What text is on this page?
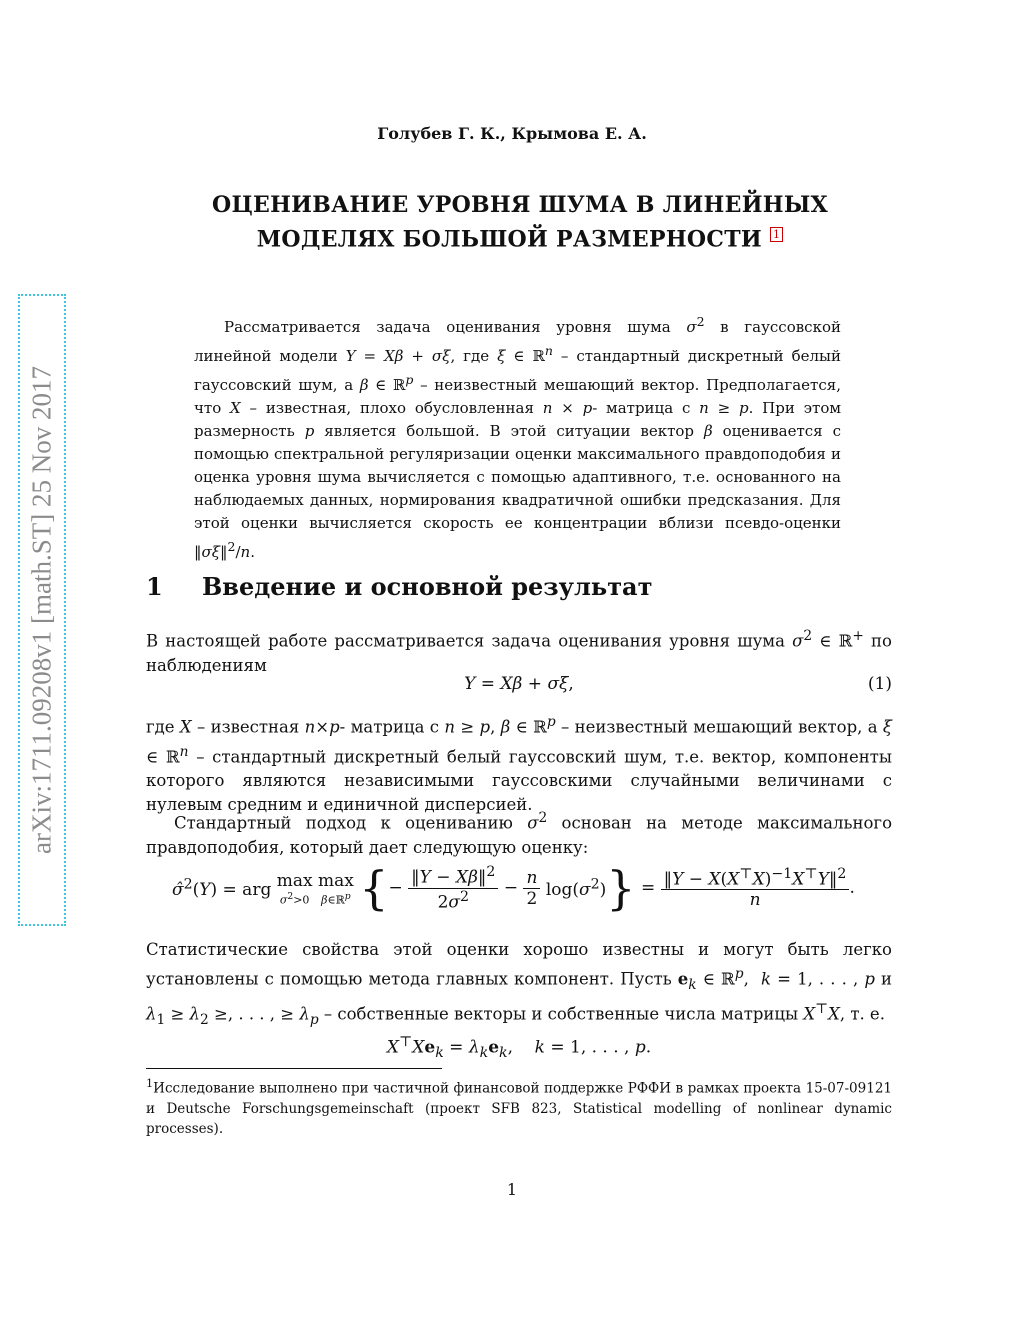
arXiv:1711.09208v1 [math.ST] 25 Nov 2017
Голубев Г. К., Крымова Е. А.
ОЦЕНИВАНИЕ УРОВНЯ ШУМА В ЛИНЕЙНЫХ
МОДЕЛЯХ БОЛЬШОЙ РАЗМЕРНОСТИ $^1$

Рассматривается задача оценивания уровня шума $\sigma^2$ в гауссовской линейной модели Y = Xβ + σξ, где ξ ∈ ℝ$^n$ – стандартный дискретный белый гауссовский шум, а β ∈ ℝ$^p$ – неизвестный мешающий вектор. Предполагается, что X – известная, плохо обусловленная n × p- матрица с n ≥ p. При этом размерность p является большой. В этой ситуации вектор β оценивается с помощью спектральной регуляризации оценки максимального правдоподобия и оценка уровня шума вычисляется с помощью адаптивного, т.е. основанного на наблюдаемых данных, нормирования квадратичной ошибки предсказания. Для этой оценки вычисляется скорость ее концентрации вблизи псевдо-оценки ‖σξ‖$^2$/n.

1 Введение и основной результат

В настоящей работе рассматривается задача оценивания уровня шума $\sigma^2$ ∈ ℝ+ по наблюдениям

Y = Xβ + σξ,	(1)

где X – известная n×p- матрица с n ≥ p, β ∈ ℝ$^p$ – неизвестный мешающий вектор, а ξ ∈ ℝ$^n$ – стандартный дискретный белый гауссовский шум, т.е. вектор, компоненты которого являются независимыми гауссовскими случайными величинами с нулевым средним и единичной дисперсией.

Стандартный подход к оцениванию $\sigma^2$ основан на методе максимального правдоподобия, который дает следующую оценку:

σ̂$^2$(Y) = arg max
$\sigma^2>0$

max
β∈ℝ$^p$ {− $\frac{‖Y - X\beta‖^2}{2\sigma^2} - \frac{n}{2} \log(\sigma^2)\} = \frac{‖Y - X(X^⊤X)^{-1}X^⊤Y‖^2}{n}$ .

Статистические свойства этой оценки хорошо известны и могут быть легко установлены с помощью метода главных компонент. Пусть $e_k$ ∈ ℝ$^p$,  k = 1, . . . , p и $\lambda_1 \ge \lambda_2$ ≥, . . . , ≥ $\lambda_p$ – собственные векторы и собственные числа матрицы X⊤X, т. е.

$X^⊤Xe_k = \lambda_ke_k$,    k = 1, . . . , p.
$^1$Исследование выполнено при частичной финансовой поддержке РФФИ в рамках проекта 15-07-09121 и Deutsche Forschungsgemeinschaft (проект SFB 823, Statistical modelling of nonlinear dynamic processes).
1
